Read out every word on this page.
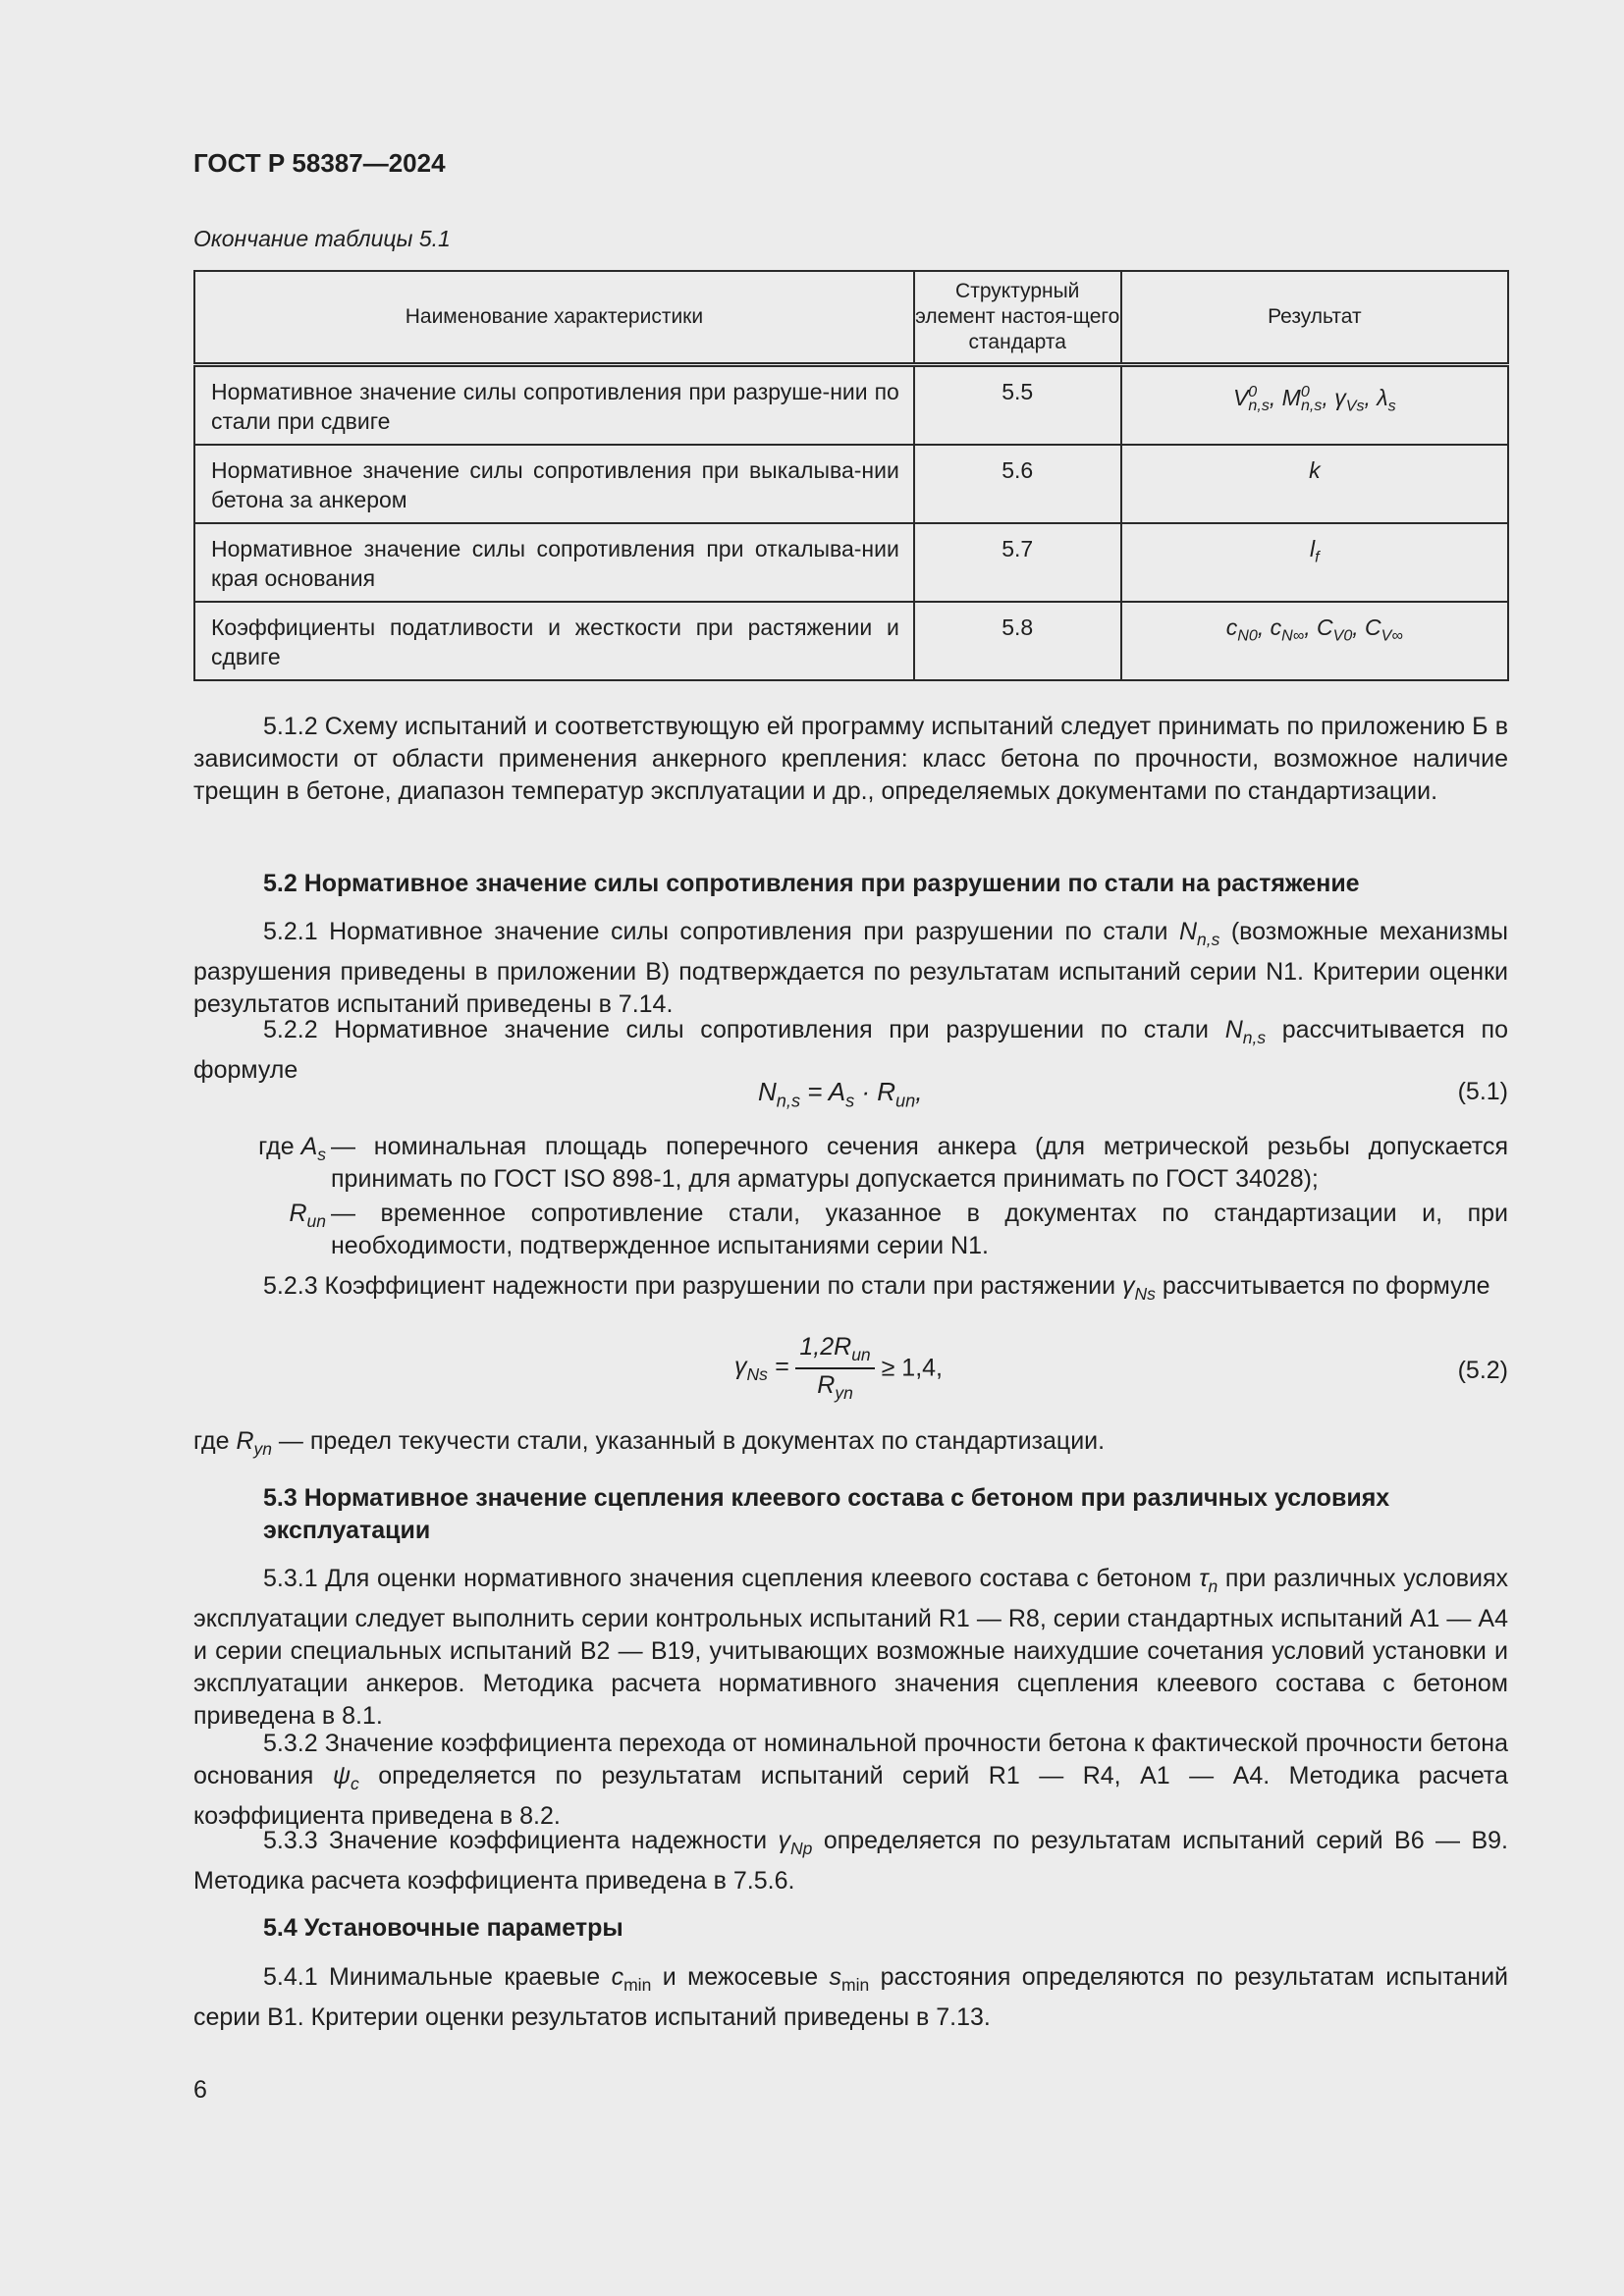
ГОСТ Р 58387—2024
Окончание таблицы 5.1
Наименование характеристики	Структурный элемент настоя-щего стандарта	Результат
Нормативное значение силы сопротивления при разруше-нии по стали при сдвиге	5.5	$V^0_{n,s}$, $M^0_{n,s}$, $\gamma_{Vs}$, $\lambda_s$
Нормативное значение силы сопротивления при выкалыва-нии бетона за анкером	5.6	k
Нормативное значение силы сопротивления при откалыва-нии края основания	5.7	$l_f$
Коэффициенты податливости и жесткости при растяжении и сдвиге	5.8	$c_{N0}$, $c_{N\infty}$, $C_{V0}$, $C_{V\infty}$
5.1.2 Схему испытаний и соответствующую ей программу испытаний следует принимать по приложению Б в зависимости от области применения анкерного крепления: класс бетона по прочности, возможное наличие трещин в бетоне, диапазон температур эксплуатации и др., определяемых документами по стандартизации.
5.2 Нормативное значение силы сопротивления при разрушении по стали на растяжение
5.2.1 Нормативное значение силы сопротивления при разрушении по стали $N_{n,s}$ (возможные механизмы разрушения приведены в приложении В) подтверждается по результатам испытаний серии N1. Критерии оценки результатов испытаний приведены в 7.14.
5.2.2 Нормативное значение силы сопротивления при разрушении по стали $N_{n,s}$ рассчитывается по формуле
$N_{n,s} = A_s \cdot R_{un}$,	(5.1)
где $A_s$ — номинальная площадь поперечного сечения анкера (для метрической резьбы допускается принимать по ГОСТ ISO 898-1, для арматуры допускается принимать по ГОСТ 34028);
$R_{un}$ — временное сопротивление стали, указанное в документах по стандартизации и, при необходимости, подтвержденное испытаниями серии N1.
5.2.3 Коэффициент надежности при разрушении по стали при растяжении $\gamma_{Ns}$ рассчитывается по формуле
$\gamma_{Ns} = \frac{1,2R_{un}}{R_{yn}} \ge 1,4$,	(5.2)
где $R_{yn}$ — предел текучести стали, указанный в документах по стандартизации.
5.3 Нормативное значение сцепления клеевого состава с бетоном при различных условиях эксплуатации
5.3.1 Для оценки нормативного значения сцепления клеевого состава с бетоном $\tau_n$ при различных условиях эксплуатации следует выполнить серии контрольных испытаний R1 — R8, серии стандартных испытаний А1 — А4 и серии специальных испытаний В2 — В19, учитывающих возможные наихудшие сочетания условий установки и эксплуатации анкеров. Методика расчета нормативного значения сцепления клеевого состава с бетоном приведена в 8.1.
5.3.2 Значение коэффициента перехода от номинальной прочности бетона к фактической прочности бетона основания $\psi_c$ определяется по результатам испытаний серий R1 — R4, А1 — А4. Методика расчета коэффициента приведена в 8.2.
5.3.3 Значение коэффициента надежности $\gamma_{Np}$ определяется по результатам испытаний серий В6 — В9. Методика расчета коэффициента приведена в 7.5.6.
5.4 Установочные параметры
5.4.1 Минимальные краевые $c_{min}$ и межосевые $s_{min}$ расстояния определяются по результатам испытаний серии В1. Критерии оценки результатов испытаний приведены в 7.13.
6
